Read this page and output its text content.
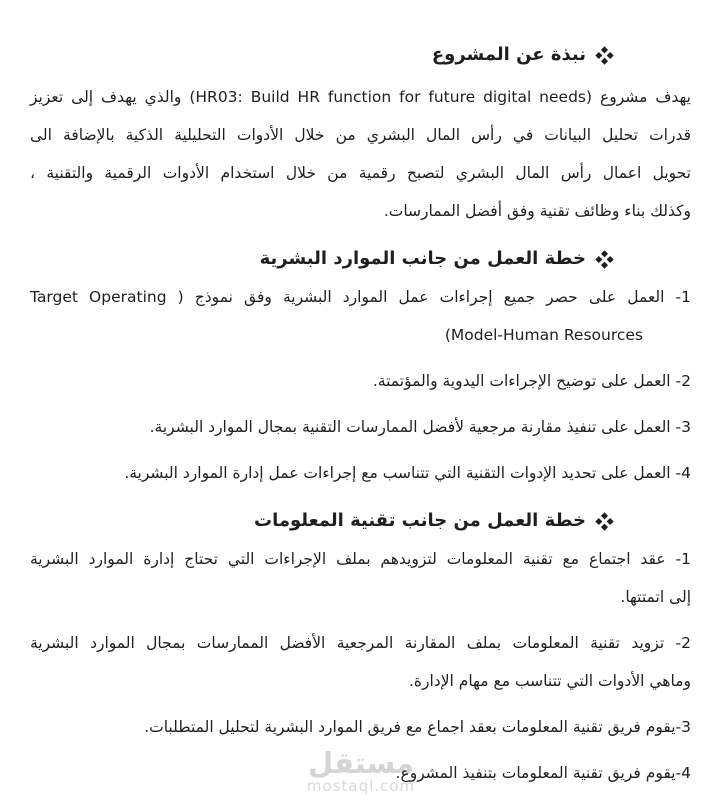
مستقل
mostaql.com
نبذة عن المشروع
يهدف مشروع (HR03: Build HR function for future digital needs) والذي يهدف إلى تعزيز
قدرات تحليل البيانات في رأس المال البشري من خلال الأدوات التحليلية الذكية بالإضافة الى
تحويل اعمال رأس المال البشري لتصبح رقمية من خلال استخدام الأدوات الرقمية والتقنية ،
وكذلك بناء وظائف تقنية وفق أفضل الممارسات.
خطة العمل من جانب الموارد البشرية
1- العمل على حصر جميع إجراءات عمل الموارد البشرية وفق نموذج ( Target Operating
Model-Human Resources)
2- العمل على توضيح الإجراءات اليدوية والمؤتمتة.
3- العمل على تنفيذ مقارنة مرجعية لأفضل الممارسات التقنية بمجال الموارد البشرية.
4- العمل على تحديد الإدوات التقنية التي تتناسب مع إجراءات عمل إدارة الموارد البشرية.
خطة العمل من جانب تقنية المعلومات
1- عقد اجتماع مع تقنية المعلومات لتزويدهم بملف الإجراءات التي تحتاج إدارة الموارد البشرية
إلى اتمتتها.
2- تزويد تقنية المعلومات بملف المقارنة المرجعية الأفضل الممارسات بمجال الموارد البشرية
وماهي الأدوات التي تتناسب مع مهام الإدارة.
3-يقوم فريق تقنية المعلومات بعقد اجماع مع فريق الموارد البشرية لتحليل المتطلبات.
4-يقوم فريق تقنية المعلومات بتنفيذ المشروع.
